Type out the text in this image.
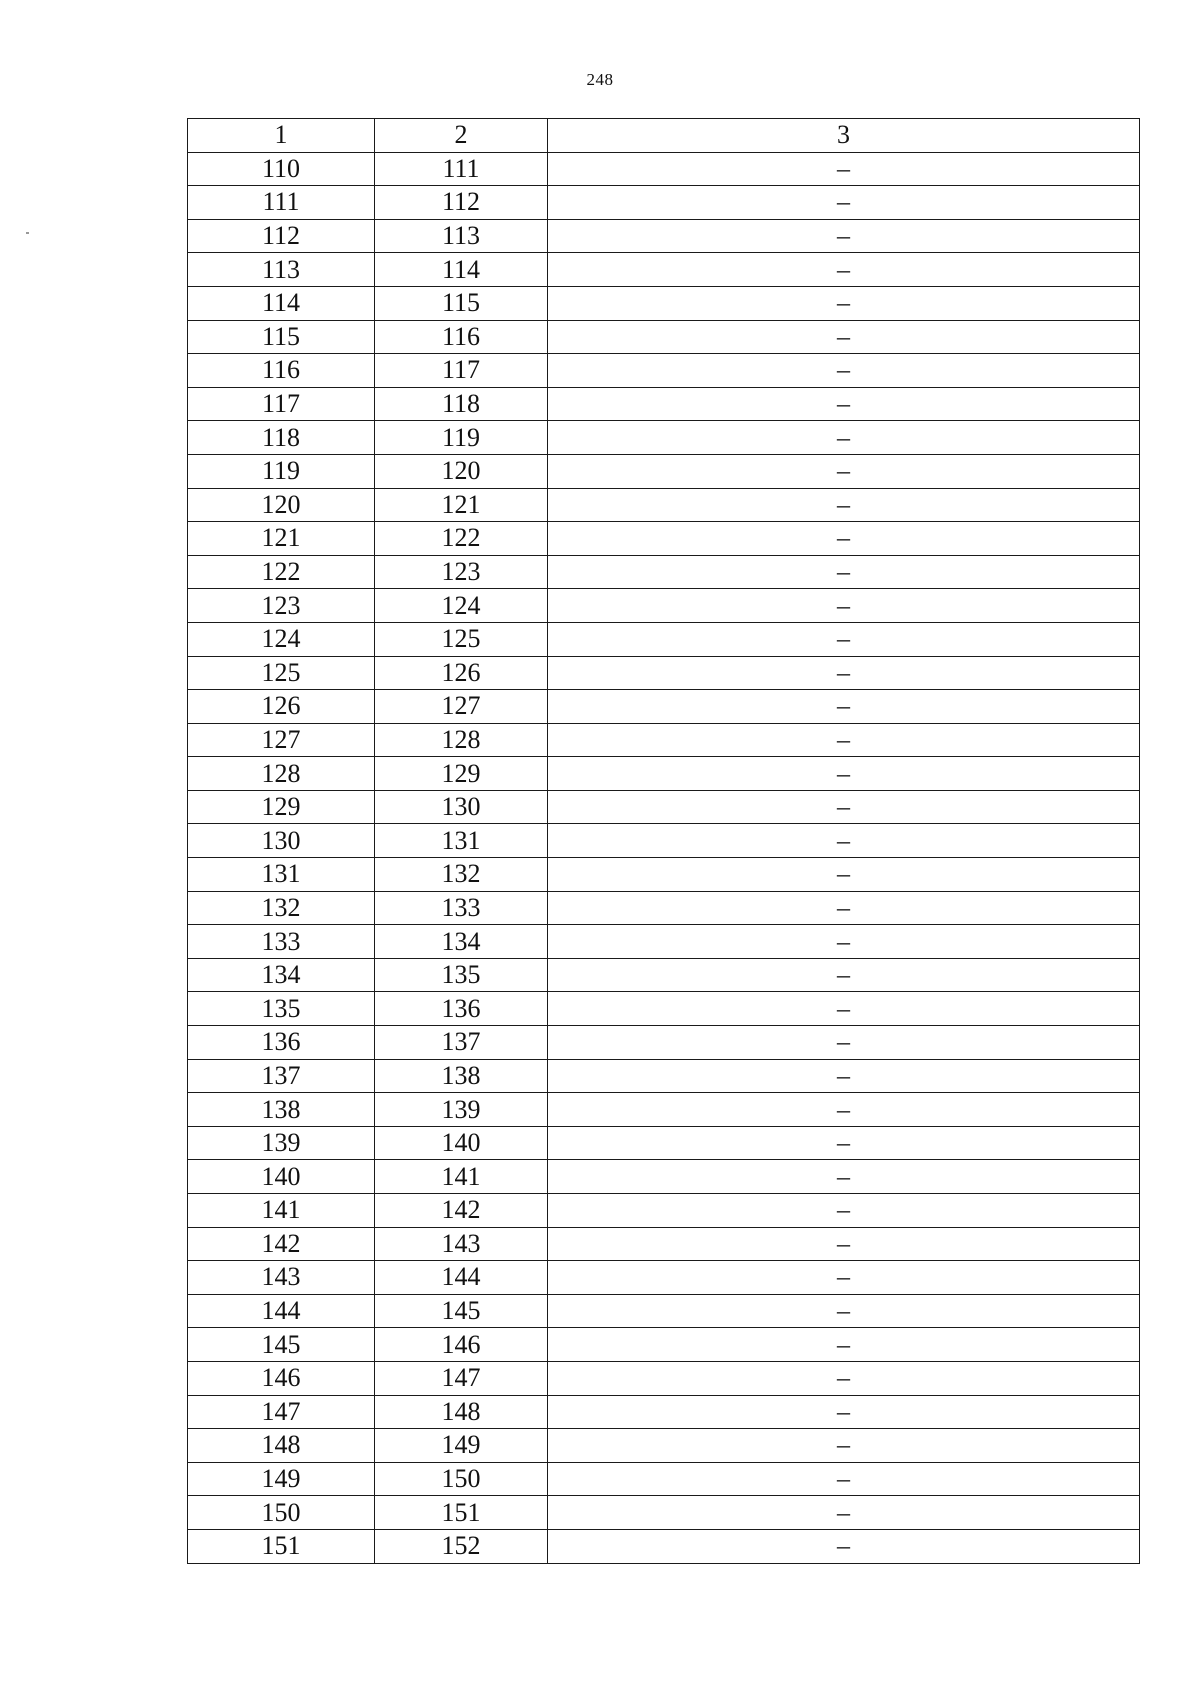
248
1	2	3
110	111	–
111	112	–
112	113	–
113	114	–
114	115	–
115	116	–
116	117	–
117	118	–
118	119	–
119	120	–
120	121	–
121	122	–
122	123	–
123	124	–
124	125	–
125	126	–
126	127	–
127	128	–
128	129	–
129	130	–
130	131	–
131	132	–
132	133	–
133	134	–
134	135	–
135	136	–
136	137	–
137	138	–
138	139	–
139	140	–
140	141	–
141	142	–
142	143	–
143	144	–
144	145	–
145	146	–
146	147	–
147	148	–
148	149	–
149	150	–
150	151	–
151	152	–
